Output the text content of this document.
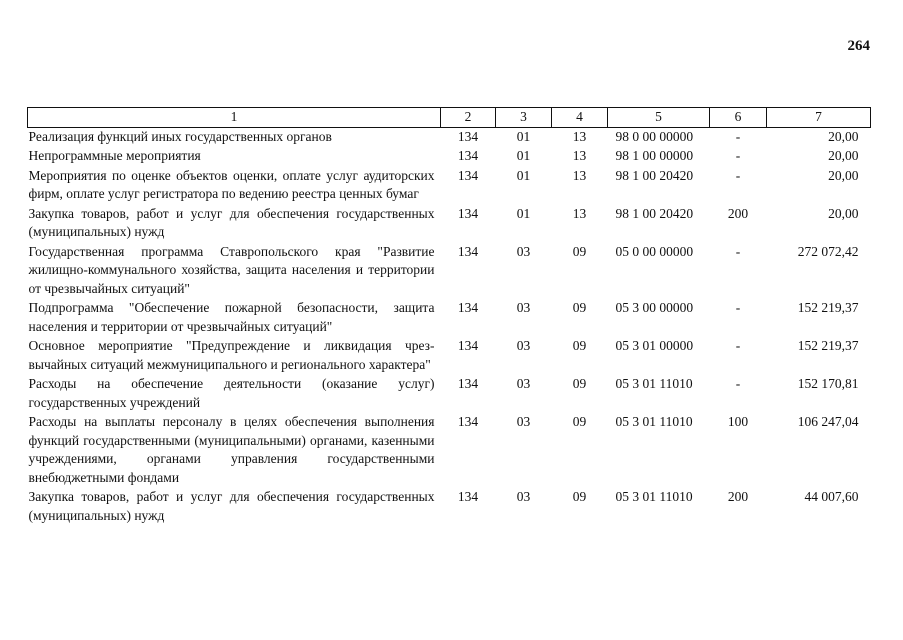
264
1	2	3	4	5	6	7
Реализация функций иных государственных органов	134	01	13	98 0 00 00000	-	20,00
Непрограммные мероприятия	134	01	13	98 1 00 00000	-	20,00
Мероприятия по оценке объектов оценки, оплате услуг аудиторских фирм, оплате услуг регистратора по ведению реестра ценных бумаг	134	01	13	98 1 00 20420	-	20,00
Закупка товаров, работ и услуг для обеспечения государственных (муниципальных) нужд	134	01	13	98 1 00 20420	200	20,00
Государственная программа Ставропольского края "Развитие жилищно-коммунального хозяйства, защита населения и территории от чрезвычайных ситуаций"	134	03	09	05 0 00 00000	-	272 072,42
Подпрограмма "Обеспечение пожарной безопасности, защита населения и территории от чрезвычайных ситуаций"	134	03	09	05 3 00 00000	-	152 219,37
Основное мероприятие "Предупреждение и ликвидация чрез-вычайных ситуаций межмуниципального и регионального характера"	134	03	09	05 3 01 00000	-	152 219,37
Расходы на обеспечение деятельности (оказание услуг) государственных учреждений	134	03	09	05 3 01 11010	-	152 170,81
Расходы на выплаты персоналу в целях обеспечения выполнения функций государственными (муниципальными) органами, казенными учреждениями, органами управления государственными внебюджетными фондами	134	03	09	05 3 01 11010	100	106 247,04
Закупка товаров, работ и услуг для обеспечения государственных (муниципальных) нужд	134	03	09	05 3 01 11010	200	44 007,60
